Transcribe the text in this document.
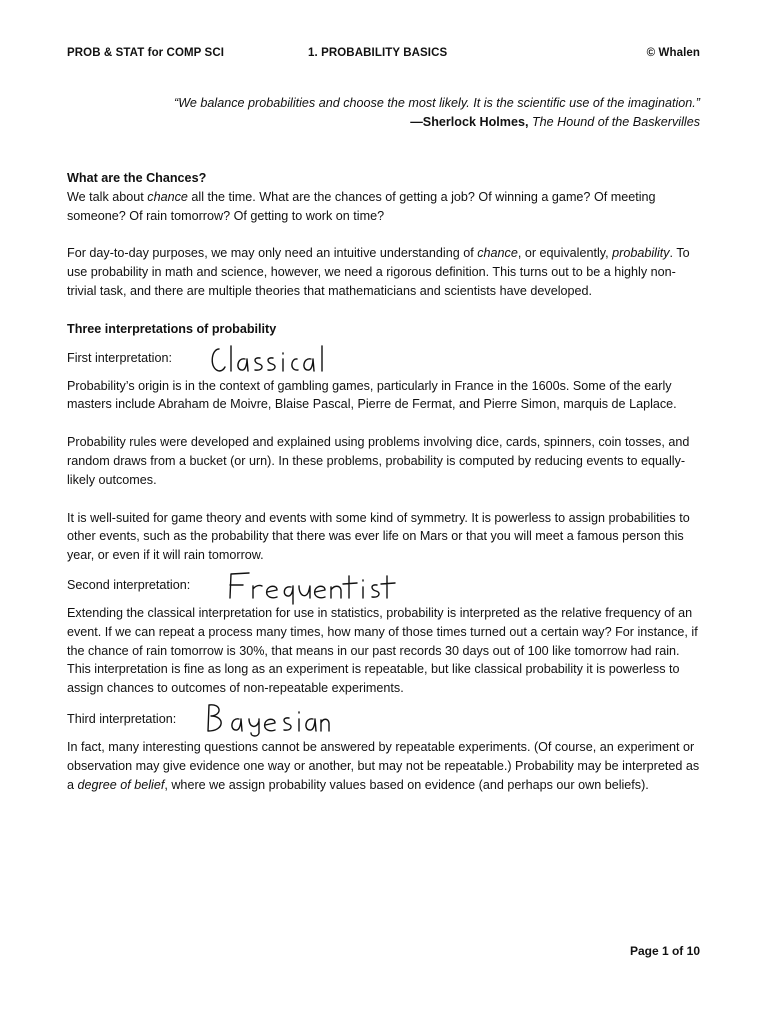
PROB & STAT for COMP SCI	1. PROBABILITY BASICS	© Whalen
“We balance probabilities and choose the most likely. It is the scientific use of the imagination.”
—Sherlock Holmes, The Hound of the Baskervilles

What are the Chances?

We talk about chance all the time. What are the chances of getting a job? Of winning a game? Of meeting someone? Of rain tomorrow? Of getting to work on time?

For day-to-day purposes, we may only need an intuitive understanding of chance, or equivalently, probability. To use probability in math and science, however, we need a rigorous definition. This turns out to be a highly non-trivial task, and there are multiple theories that mathematicians and scientists have developed.

Three interpretations of probability

First interpretation:

Probability’s origin is in the context of gambling games, particularly in France in the 1600s. Some of the early masters include Abraham de Moivre, Blaise Pascal, Pierre de Fermat, and Pierre Simon, marquis de Laplace.

Probability rules were developed and explained using problems involving dice, cards, spinners, coin tosses, and random draws from a bucket (or urn). In these problems, probability is computed by reducing events to equally-likely outcomes.

It is well-suited for game theory and events with some kind of symmetry. It is powerless to assign probabilities to other events, such as the probability that there was ever life on Mars or that you will meet a famous person this year, or even if it will rain tomorrow.

Second interpretation:

Extending the classical interpretation for use in statistics, probability is interpreted as the relative frequency of an event. If we can repeat a process many times, how many of those times turned out a certain way? For instance, if the chance of rain tomorrow is 30%, that means in our past records 30 days out of 100 like tomorrow had rain. This interpretation is fine as long as an experiment is repeatable, but like classical probability it is powerless to assign chances to outcomes of non-repeatable experiments.

Third interpretation:

In fact, many interesting questions cannot be answered by repeatable experiments. (Of course, an experiment or observation may give evidence one way or another, but may not be repeatable.) Probability may be interpreted as a degree of belief, where we assign probability values based on evidence (and perhaps our own beliefs).

Page 1 of 10
